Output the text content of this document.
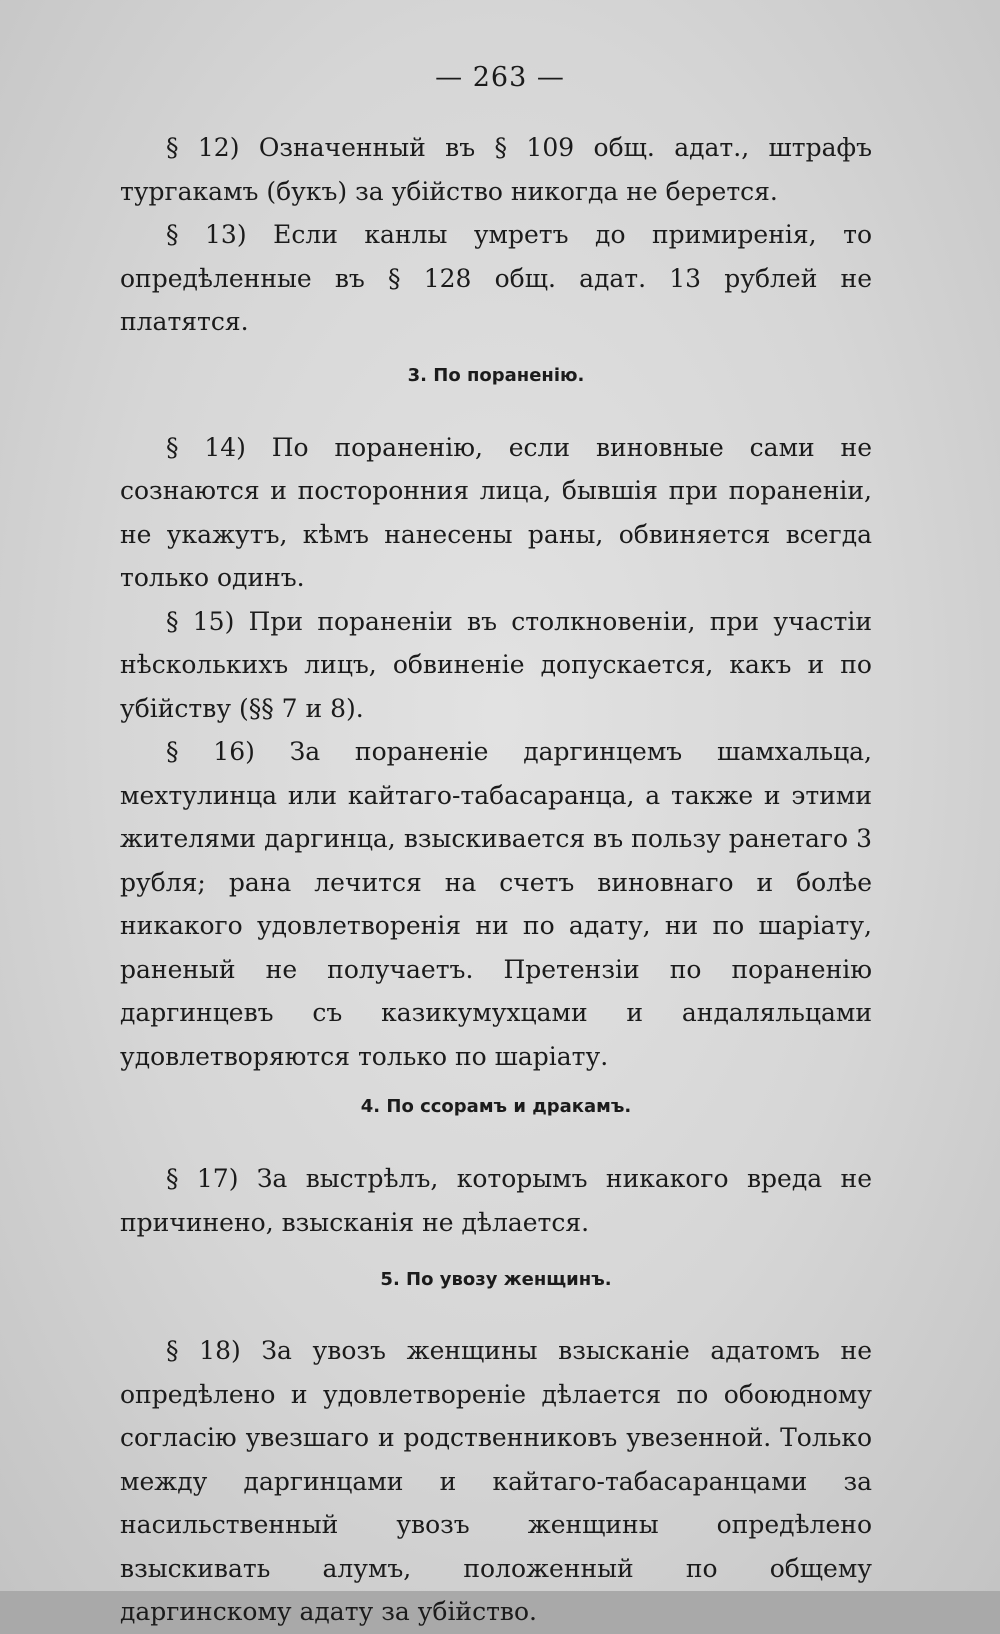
— 263 —

§ 12) Означенный въ § 109 общ. адат., штрафъ тургакамъ (букъ) за убійство никогда не берется.

§ 13) Если канлы умретъ до примиренія, то опредѣленные въ § 128 общ. адат. 13 рублей не платятся.

3. По пораненію.

§ 14) По пораненію, если виновные сами не сознаются и посторонния лица, бывшія при пораненіи, не укажутъ, кѣмъ нанесены раны, обвиняется всегда только одинъ.

§ 15) При пораненіи въ столкновеніи, при участіи нѣсколькихъ лицъ, обвиненіе допускается, какъ и по убійству (§§ 7 и 8).

§ 16) За пораненіе даргинцемъ шамхальца, мехтулинца или кайтаго-табасаранца, а также и этими жителями даргинца, взыскивается въ пользу ранетаго 3 рубля; рана лечится на счетъ виновнаго и болѣе никакого удовлетворенія ни по адату, ни по шаріату, раненый не получаетъ. Претензіи по пораненію даргинцевъ съ казикумухцами и андаляльцами удовлетворяются только по шаріату.

4. По ссорамъ и дракамъ.

§ 17) За выстрѣлъ, которымъ никакого вреда не причинено, взысканія не дѣлается.

5. По увозу женщинъ.

§ 18) За увозъ женщины взысканіе адатомъ не опредѣлено и удовлетвореніе дѣлается по обоюдному согласію увезшаго и родственниковъ увезенной. Только между даргинцами и кайтаго-табасаранцами за насильственный увозъ женщины опредѣлено взыскивать алумъ, положенный по общему даргинскому адату за убійство.
